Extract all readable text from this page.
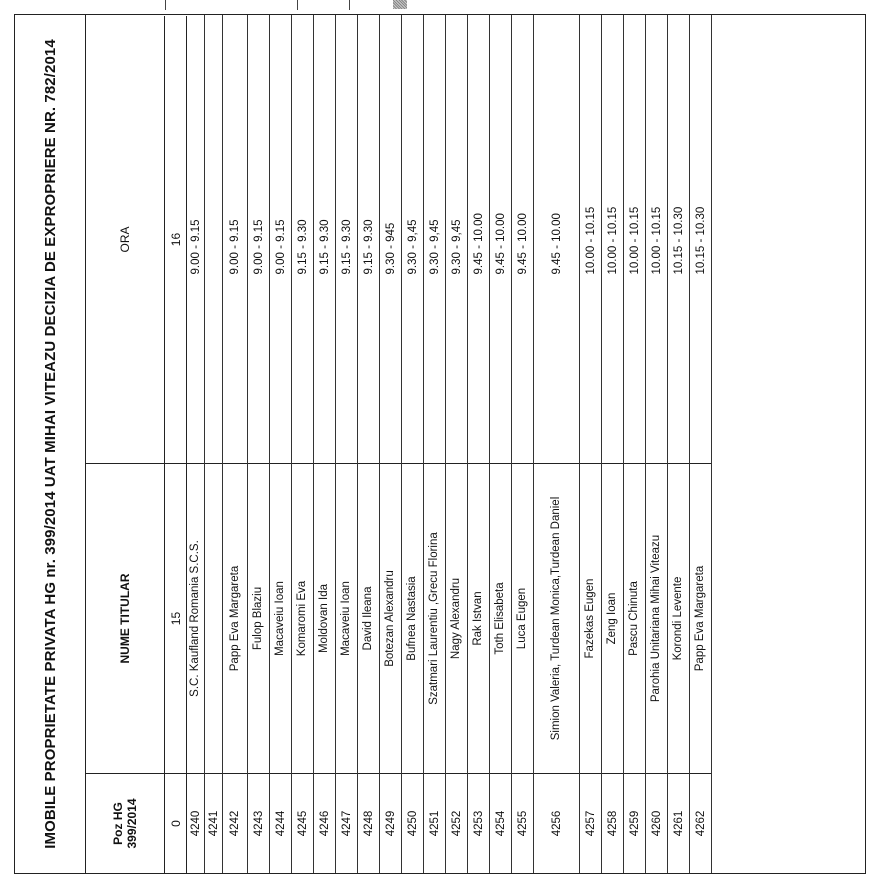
IMOBILE PROPRIETATE PRIVATA HG nr. 399/2014 UAT MIHAI VITEAZU DECIZIA DE EXPROPRIERE NR. 782/2014	Poz HG 399/2014
NUME TITULAR
ORA
0
15
16
4240
S.C. Kaufland Romania S.C.S.
9.00 - 9.15
4241 4242
Papp Eva Margareta
9.00 - 9.15
4243
Fulop Blaziu
9.00 - 9.15
4244
Macaveiu Ioan
9.00 - 9.15
4245
Komaromi Eva
9.15 - 9.30
4246
Moldovan Ida
9.15 - 9.30
4247
Macaveiu Ioan
9.15 - 9.30
4248
David Ileana
9.15 - 9.30
4249
Botezan Alexandru
9.30 - 945
4250
Bufnea Nastasia
9.30 - 9,45
4251
Szatmari Laurentiu ,Grecu Florina
9.30 - 9,45
4252
Nagy Alexandru
9.30 - 9,45
4253
Rak Istvan
9.45 - 10.00
4254
Toth Elisabeta
9.45 - 10.00
4255
Luca Eugen
9.45 - 10.00
4256
Simion Valeria, Turdean Monica,Turdean Daniel
9.45 - 10.00
4257
Fazekas Eugen
10.00 - 10.15
4258
Zeng Ioan
10.00 - 10.15
4259
Pascu Chinuta
10.00 - 10.15
4260
Parohia Unitariana Mihai Viteazu
10.00 - 10.15
4261
Korondi Levente
10.15 - 10.30
4262
Papp Eva Margareta
10.15 - 10.30
